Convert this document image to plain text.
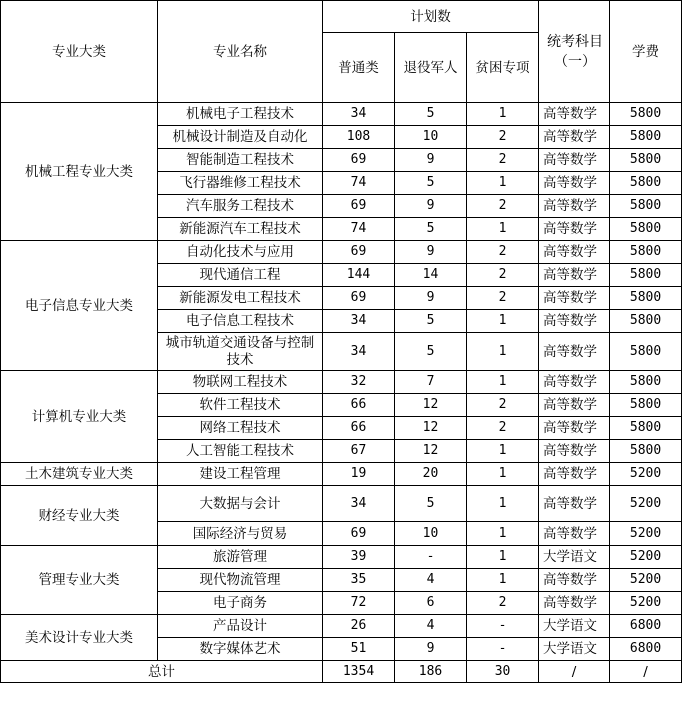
专业大类	专业名称	计划数			统考科目（一）	学费
		普通类	退役军人	贫困专项		
机械工程专业大类	机械电子工程技术	34	5	1	高等数学	5800
	机械设计制造及自动化	108	10	2	高等数学	5800
	智能制造工程技术	69	9	2	高等数学	5800
	飞行器维修工程技术	74	5	1	高等数学	5800
	汽车服务工程技术	69	9	2	高等数学	5800
	新能源汽车工程技术	74	5	1	高等数学	5800
电子信息专业大类	自动化技术与应用	69	9	2	高等数学	5800
	现代通信工程	144	14	2	高等数学	5800
	新能源发电工程技术	69	9	2	高等数学	5800
	电子信息工程技术	34	5	1	高等数学	5800
	城市轨道交通设备与控制技术	34	5	1	高等数学	5800
计算机专业大类	物联网工程技术	32	7	1	高等数学	5800
	软件工程技术	66	12	2	高等数学	5800
	网络工程技术	66	12	2	高等数学	5800
	人工智能工程技术	67	12	1	高等数学	5800
土木建筑专业大类	建设工程管理	19	20	1	高等数学	5200
财经专业大类	大数据与会计	34	5	1	高等数学	5200
	国际经济与贸易	69	10	1	高等数学	5200
管理专业大类	旅游管理	39	-	1	大学语文	5200
	现代物流管理	35	4	1	高等数学	5200
	电子商务	72	6	2	高等数学	5200
美术设计专业大类	产品设计	26	4	-	大学语文	6800
	数字媒体艺术	51	9	-	大学语文	6800
总计		1354	186	30	/	/
